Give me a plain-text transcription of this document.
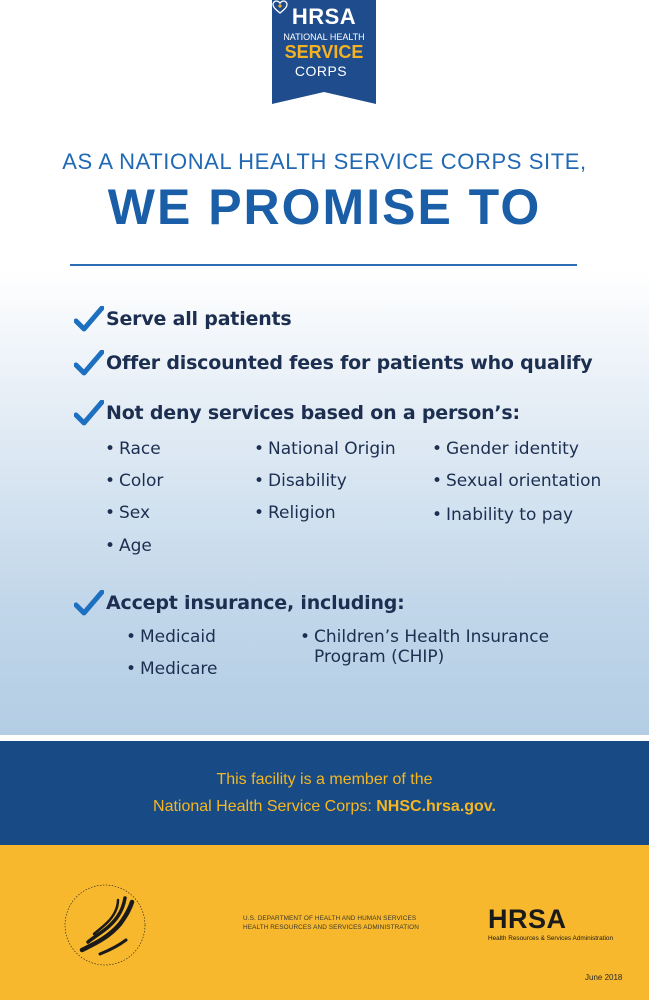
HRSA
NATIONAL HEALTH
SERVICE
CORPS
AS A NATIONAL HEALTH SERVICE CORPS SITE,
WE PROMISE TO
Serve all patients
Offer discounted fees for patients who qualify
Not deny services based on a person’s:
• Race
• Color
• Sex
• Age
• National Origin
• Disability
• Religion
• Gender identity
• Sexual orientation
• Inability to pay
Accept insurance, including:
• Medicaid
• Medicare
• Children’s Health Insurance
Program (CHIP)
This facility is a member of the
National Health Service Corps: NHSC.hrsa.gov.
U.S. DEPARTMENT OF HEALTH AND HUMAN SERVICES
HEALTH RESOURCES AND SERVICES ADMINISTRATION	HRSA
Health Resources & Services Administration
June 2018
